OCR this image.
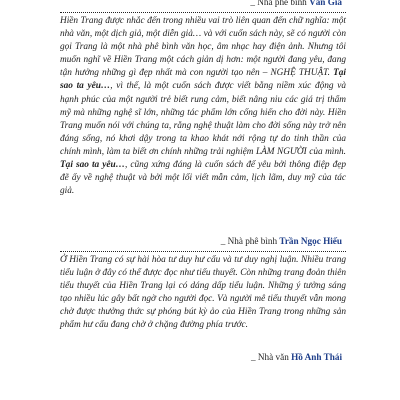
_ Nhà phê bình Vân Giá

Hiền Trang được nhắc đến trong nhiều vai trò liên quan đến chữ nghĩa: một nhà văn, một dịch giả, một diễn giả… và với cuốn sách này, sẽ có người còn gọi Trang là một nhà phê bình văn học, âm nhạc hay điện ảnh. Nhưng tôi muốn nghĩ về Hiền Trang một cách giản dị hơn: một người đang yêu, đang tận hưởng những gì đẹp nhất mà con người tạo nên – NGHỆ THUẬT. Tại sao ta yêu…, vì thế, là một cuốn sách được viết bằng niềm xúc động và hạnh phúc của một người trẻ biết rung cảm, biết nâng niu các giá trị thẩm mỹ mà những nghệ sĩ lớn, những tác phẩm lớn cống hiến cho đời này. Hiền Trang muốn nói với chúng ta, rằng nghệ thuật làm cho đời sống này trở nên đáng sống, nó khơi dậy trong ta khao khát nới rộng tự do tinh thần của chính mình, làm ta biết ơn chính những trải nghiệm LÀM NGƯỜI của mình. Tại sao ta yêu…, cũng xứng đáng là cuốn sách để yêu bởi thông điệp đẹp đẽ ấy về nghệ thuật và bởi một lối viết mẫn cảm, lịch lãm, duy mỹ của tác giả.

_ Nhà phê bình Trần Ngọc Hiếu

Ở Hiền Trang có sự hài hòa tư duy hư cấu và tư duy nghị luận. Nhiều trang tiểu luận ở đây có thể được đọc như tiểu thuyết. Còn những trang đoản thiên tiểu thuyết của Hiền Trang lại có dáng dấp tiểu luận. Những ý tưởng sáng tạo nhiều lúc gây bất ngờ cho người đọc. Và người mê tiểu thuyết vẫn mong chờ được thưởng thức sự phóng bút kỳ ảo của Hiền Trang trong những sản phẩm hư cấu đang chờ ở chặng đường phía trước.

_ Nhà văn Hồ Anh Thái
